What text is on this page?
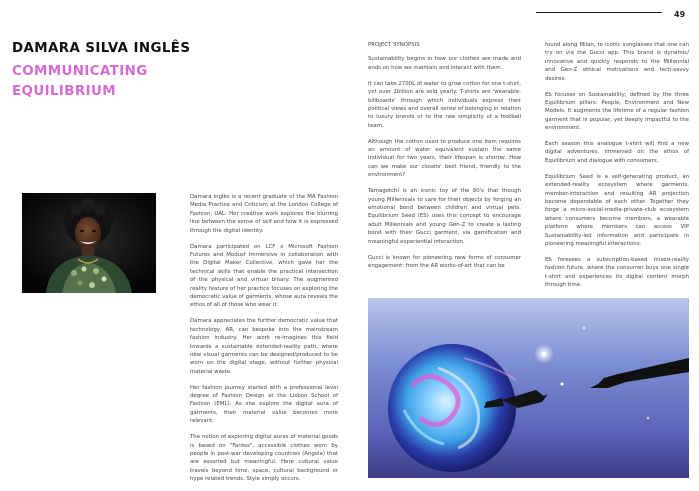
49
DAMARA SILVA INGLÊS
COMMUNICATING EQUILIBRIUM

Damara Inglês is a recent graduate of the MA Fashion Media Practice and Criticism at the London College of Fashion, UAL. Her creative work explores the blurring line between the sense of self and how it is expressed through the digital identity.

Damara participated on LCF x Microsoft Fashion Futures and Modusf Immersive in collaboration with the Digital Maker Collective, which gave her the technical skills that enable the practical intersection of the physical and virtual binary. The augmented reality feature of her practice focuses on exploring the democratic value of garments, whose aura reveals the ethos of all of those who wear it.

Damara appreciates the further democratic value that technology, AR, can bespoke into the mainstream fashion industry. Her work re-imagines this field towards a sustainable extended-reality path, where new visual garments can be designed/produced to be worn on the digital stage, without further physical material waste.

Her fashion journey started with a professional level degree of Fashion Design at the Lisbon School of Fashion (EML). As she explore the digital aura of garments, their material value becomes more relevant.

The notion of exploring digital auras of material goods is based on "Fardos", accessible clothes worn by people in post-war developing countries (Angola) that are assorted but meaningful. Here cultural value travels beyond time, space, cultural background or hype related trends. Style simply occurs.

PROJECT SYNOPSIS

Sustainability begins in how our clothes are made and ends on how we maintain and interact with them.

It can take 2700L of water to grow cotton for one t-shirt, yet over 2billion are sold yearly. T-shirts are 'wearable-billboards' through which individuals express their political views and overall sense of belonging in relation to luxury brands or to the raw simplicity of a football team.

Although the cotton used to produce one item requires an amount of water equivalent sustain the same individual for two years, their lifespan is shorter. How can we make our closets' best friend, friendly to the environment?

Tamagotchi is an iconic toy of the 90's that though young Millennials to care for their objects by forging an emotional bond between children and virtual pets. Equilibrium Seed (ES) uses this concept to encourage adult Millennials and young Gen-Z to create a lasting bond with their Gucci garment, via gamification and meaningful experiential interaction.

Gucci is known for pioneering new forms of consumer engagement: from the AR works-of-art that can be

found along Milan, to iconic sunglasses that one can try on via the Gucci app. This brand is dynamic/ innovative and quickly responds to the Millennial and Gen-Z ethical motivations and tech-savvy desires.

ES focuses on Sustainability, defined by the three Equilibrium pillars: People, Environment and New Models. It augments the lifetime of a regular fashion garment that is popular, yet deeply impactful to the environment.

Each season this analogue t-shirt will find a new digital adventures, immersed on the ethos of Equilibrium and dialogue with consumers.

Equilibrium Seed is a self-generating product, an extended-reality ecosystem where garments, member-interaction and resulting AR projection become dependable of each other. Together they forge a micro-social-media-private-club ecosystem where consumers become members, a wearable platform where members can access VIP Sustainability-led information and participate in pioneering meaningful interactions.

ES foresees a subscription-based mixed-reality fashion future, where the consumer buys one single t-shirt and experiences its digital content morph through time.
